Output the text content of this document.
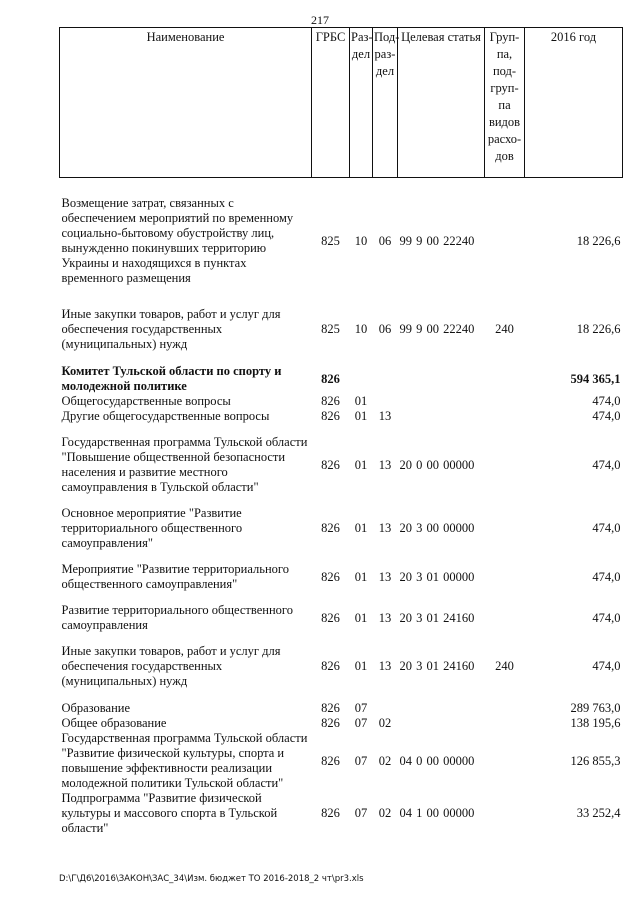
217
Наименование	ГРБС	Раз-дел	Под-раз-дел	Целевая статья	Груп-па, под-груп-па видов расхо-дов	2016 год

Возмещение затрат, связанных с обеспечением мероприятий по временному социально-бытовому обустройству лиц, вынужденно покинувших территорию Украины и находящихся в пунктах временного размещения	825	10	06	99 9 00 22240		18 226,6

Иные закупки товаров, работ и услуг для обеспечения государственных (муниципальных) нужд	825	10	06	99 9 00 22240	240	18 226,6

Комитет Тульской области по спорту и молодежной политике	826					594 365,1
Общегосударственные вопросы	826	01				474,0
Другие общегосударственные вопросы	826	01	13			474,0

Государственная программа Тульской области "Повышение общественной безопасности населения и развитие местного самоуправления в Тульской области"	826	01	13	20 0 00 00000		474,0

Основное мероприятие "Развитие территориального общественного самоуправления"	826	01	13	20 3 00 00000		474,0

Мероприятие "Развитие территориального общественного самоуправления"	826	01	13	20 3 01 00000		474,0

Развитие территориального общественного самоуправления	826	01	13	20 3 01 24160		474,0

Иные закупки товаров, работ и услуг для обеспечения государственных (муниципальных) нужд	826	01	13	20 3 01 24160	240	474,0

Образование	826	07				289 763,0
Общее образование	826	07	02			138 195,6
Государственная программа Тульской области "Развитие физической культуры, спорта и повышение эффективности реализации молодежной политики Тульской области"	826	07	02	04 0 00 00000		126 855,3
Подпрограмма "Развитие физической культуры и массового спорта в Тульской области"	826	07	02	04 1 00 00000		33 252,4
D:\Г\Д6\2016\ЗАКОН\ЗАС_34\Изм. бюджет ТО 2016-2018_2 чт\pr3.xls
